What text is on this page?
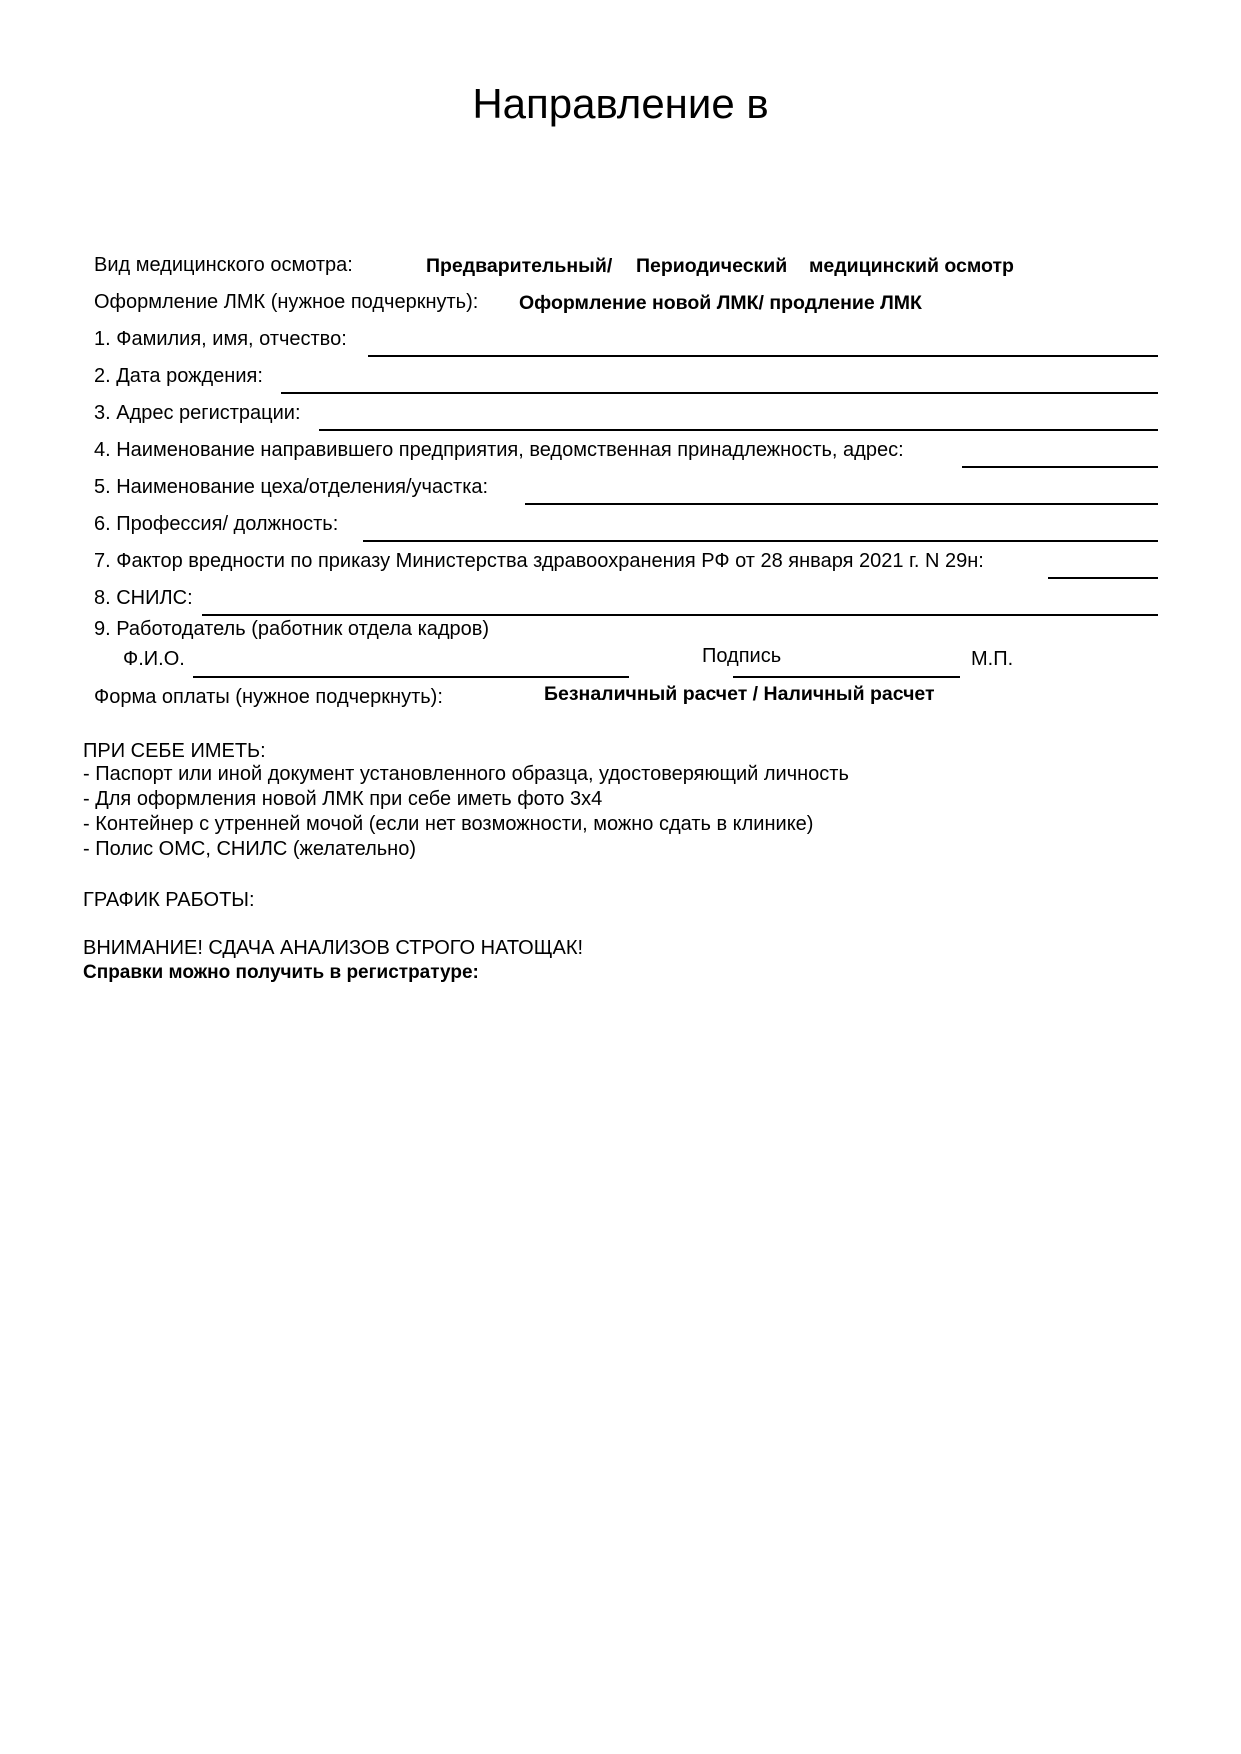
Направление в
Вид медицинского осмотра:	Предварительный/ Периодический медицинский осмотр
Оформление ЛМК (нужное подчеркнуть): Оформление новой ЛМК/ продление ЛМК
1. Фамилия, имя, отчество:
2. Дата рождения:
3. Адрес регистрации:
4. Наименование направившего предприятия, ведомственная принадлежность, адрес:
5. Наименование цеха/отделения/участка:
6. Профессия/ должность:
7. Фактор вредности по приказу Министерства здравоохранения РФ от 28 января 2021 г. N 29н:
8. СНИЛС:
9. Работодатель (работник отдела кадров)
Ф.И.О.	Подпись	М.П.
Форма оплаты (нужное подчеркнуть):	Безналичный расчет / Наличный расчет
ПРИ СЕБЕ ИМЕТЬ:
- Паспорт или иной документ установленного образца, удостоверяющий личность
- Для оформления новой ЛМК при себе иметь фото 3х4
- Контейнер с утренней мочой (если нет возможности, можно сдать в клинике)
- Полис ОМС, СНИЛС (желательно)
ГРАФИК РАБОТЫ:
ВНИМАНИЕ! СДАЧА АНАЛИЗОВ СТРОГО НАТОЩАК!
Справки можно получить в регистратуре:
